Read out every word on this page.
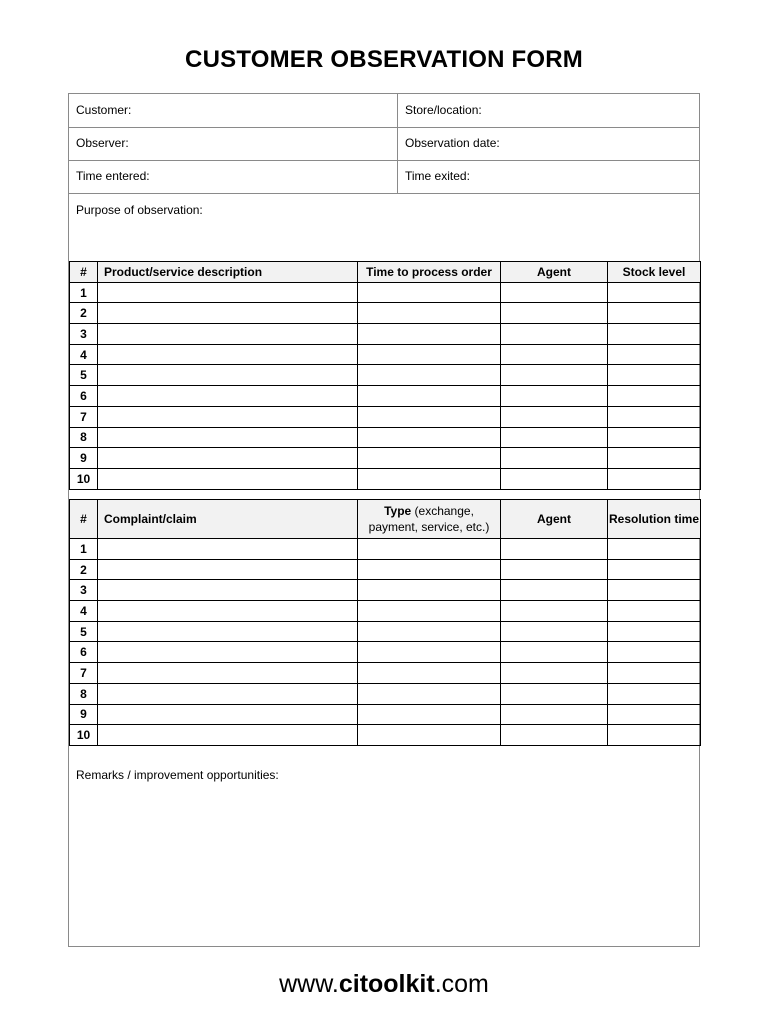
CUSTOMER OBSERVATION FORM
Customer:	Store/location:
Observer:	Observation date:
Time entered:	Time exited:
Purpose of observation:
#	Product/service description	Time to process order	Agent	Stock level
1				
2				
3				
4				
5				
6				
7				
8				
9				
10				
#	Complaint/claim	Type (exchange, payment, service, etc.)	Agent	Resolution time
1				
2				
3				
4				
5				
6				
7				
8				
9				
10				
Remarks / improvement opportunities:
www.citoolkit.com
